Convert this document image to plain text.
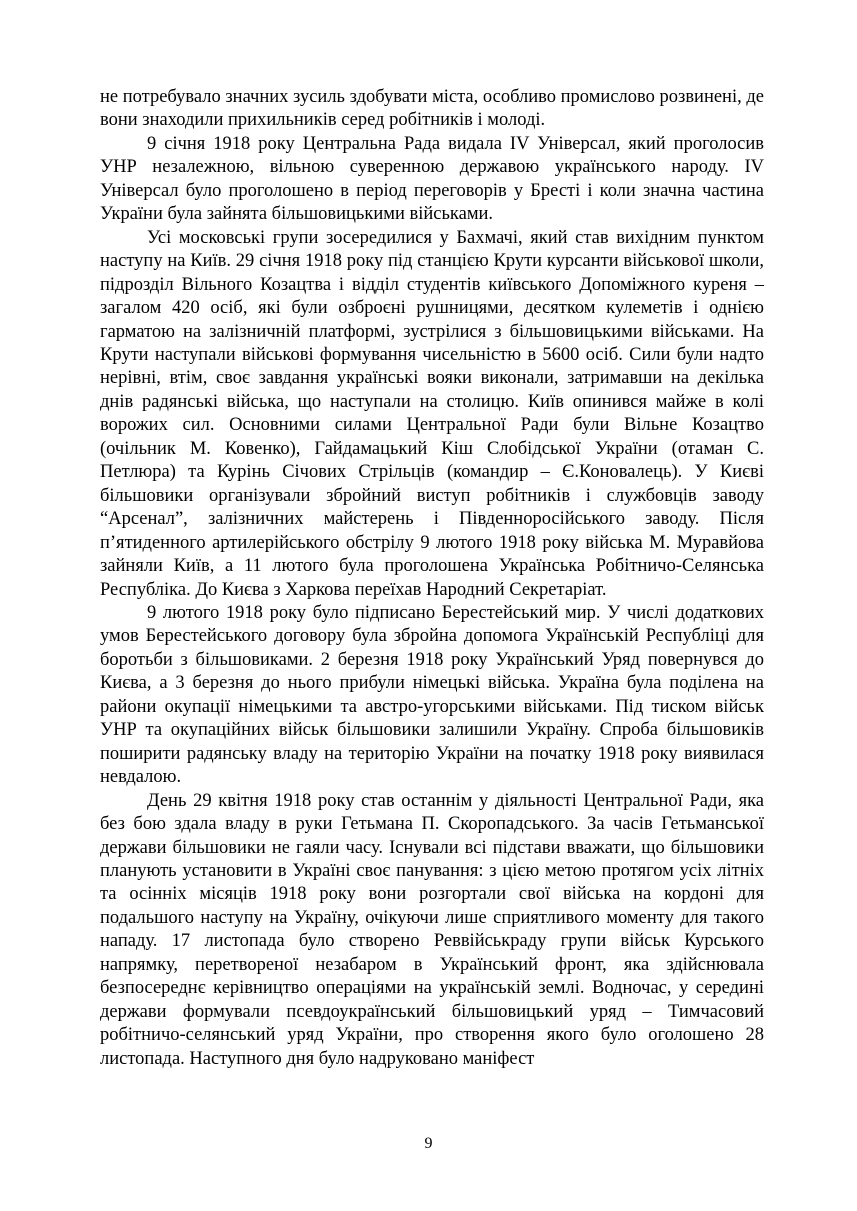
не потребувало значних зусиль здобувати міста, особливо промислово розвинені, де вони знаходили прихильників серед робітників і молоді.

9 січня 1918 року Центральна Рада видала IV Універсал, який проголосив УНР незалежною, вільною суверенною державою українського народу. IV Універсал було проголошено в період переговорів у Бресті і коли значна частина України була зайнята більшовицькими військами.

Усі московські групи зосередилися у Бахмачі, який став вихідним пунктом наступу на Київ. 29 січня 1918 року під станцією Крути курсанти військової школи, підрозділ Вільного Козацтва і відділ студентів київського Допоміжного куреня – загалом 420 осіб, які були озброєні рушницями, десятком кулеметів і однією гарматою на залізничній платформі, зустрілися з більшовицькими військами. На Крути наступали військові формування чисельністю в 5600 осіб. Сили були надто нерівні, втім, своє завдання українські вояки виконали, затримавши на декілька днів радянські війська, що наступали на столицю. Київ опинився майже в колі ворожих сил. Основними силами Центральної Ради були Вільне Козацтво (очільник М. Ковенко), Гайдамацький Кіш Слобідської України (отаман С. Петлюра) та Курінь Січових Стрільців (командир – Є.Коновалець). У Києві більшовики організували збройний виступ робітників і службовців заводу “Арсенал”, залізничних майстерень і Південноросійського заводу. Після п’ятиденного артилерійського обстрілу 9 лютого 1918 року війська М. Муравйова зайняли Київ, а 11 лютого була проголошена Українська Робітничо-Селянська Республіка. До Києва з Харкова переїхав Народний Секретаріат.

9 лютого 1918 року було підписано Берестейський мир. У числі додаткових умов Берестейського договору була збройна допомога Українській Республіці для боротьби з більшовиками. 2 березня 1918 року Український Уряд повернувся до Києва, а 3 березня до нього прибули німецькі війська. Україна була поділена на райони окупації німецькими та австро-угорськими військами. Під тиском військ УНР та окупаційних військ більшовики залишили Україну. Спроба більшовиків поширити радянську владу на територію України на початку 1918 року виявилася невдалою.

День 29 квітня 1918 року став останнім у діяльності Центральної Ради, яка без бою здала владу в руки Гетьмана П. Скоропадського. За часів Гетьманської держави більшовики не гаяли часу. Існували всі підстави вважати, що більшовики планують установити в Україні своє панування: з цією метою протягом усіх літніх та осінніх місяців 1918 року вони розгортали свої війська на кордоні для подальшого наступу на Україну, очікуючи лише сприятливого моменту для такого нападу. 17 листопада було створено Реввійськраду групи військ Курського напрямку, перетвореної незабаром в Український фронт, яка здійснювала безпосереднє керівництво операціями на українській землі. Водночас, у середині держави формували псевдоукраїнський більшовицький уряд – Тимчасовий робітничо-селянський уряд України, про створення якого було оголошено 28 листопада. Наступного дня було надруковано маніфест

9
